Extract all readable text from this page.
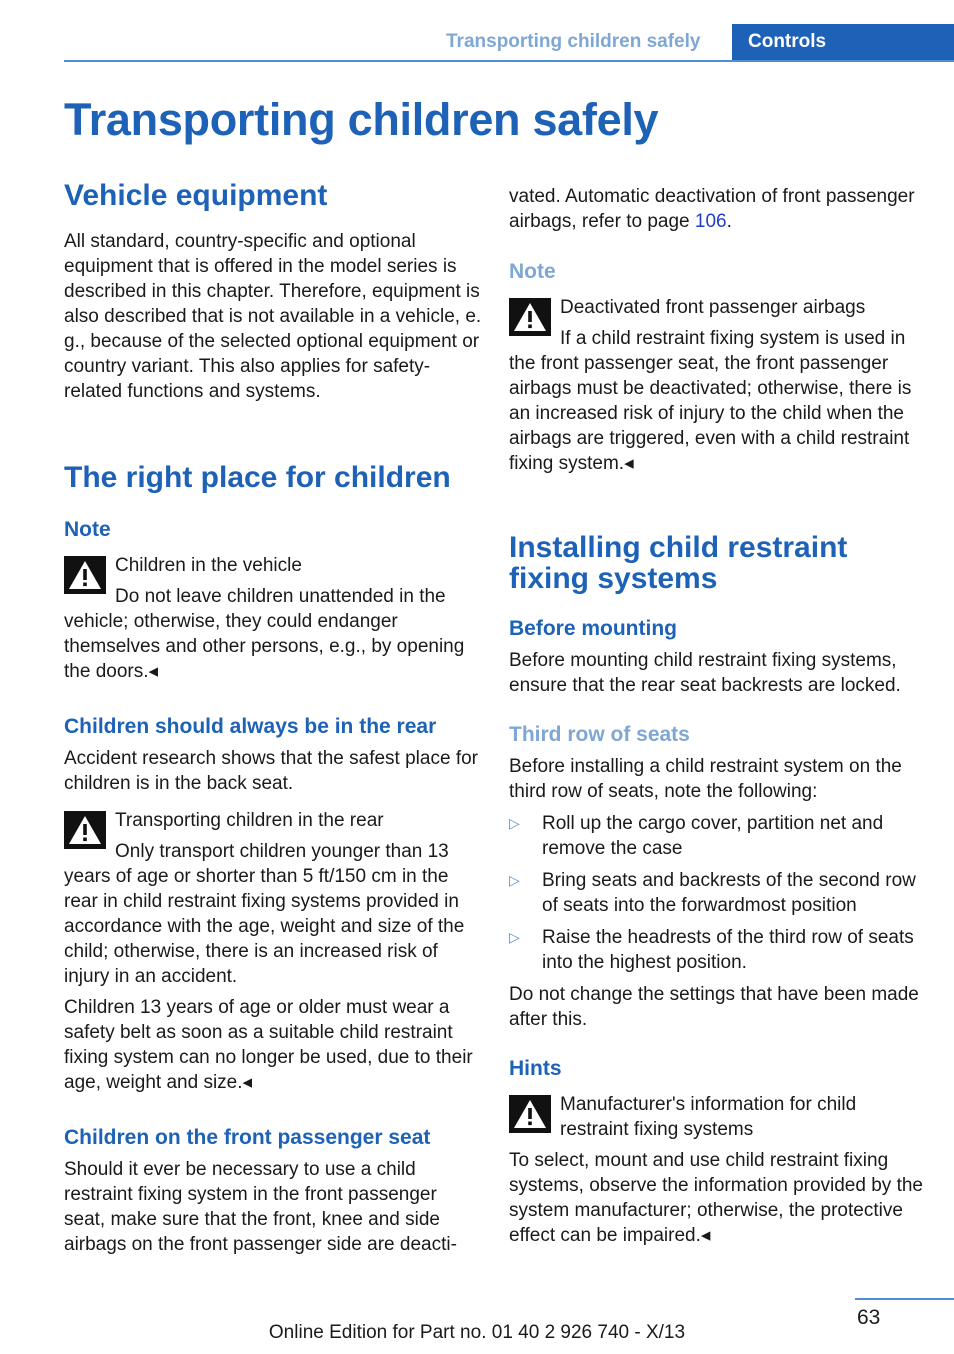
Transporting children safely	Controls
Transporting children safely
Vehicle equipment

All standard, country-specific and optional equipment that is offered in the model series is described in this chapter. Therefore, equipment is also described that is not available in a vehicle, e. g., because of the selected optional equipment or country variant. This also applies for safety-related functions and systems.

The right place for children
Note

Children in the vehicle

Do not leave children unattended in the vehicle; otherwise, they could endanger themselves and other persons, e.g., by opening the doors.◂

Children should always be in the rear

Accident research shows that the safest place for children is in the back seat.

Transporting children in the rear

Only transport children younger than 13 years of age or shorter than 5 ft/150 cm in the rear in child restraint fixing systems provided in accordance with the age, weight and size of the child; otherwise, there is an increased risk of injury in an accident.

Children 13 years of age or older must wear a safety belt as soon as a suitable child restraint fixing system can no longer be used, due to their age, weight and size.◂

Children on the front passenger seat

Should it ever be necessary to use a child restraint fixing system in the front passenger seat, make sure that the front, knee and side airbags on the front passenger side are deacti-

vated. Automatic deactivation of front passenger airbags, refer to page 106.

Note

Deactivated front passenger airbags

If a child restraint fixing system is used in the front passenger seat, the front passenger airbags must be deactivated; otherwise, there is an increased risk of injury to the child when the airbags are triggered, even with a child restraint fixing system.◂

Installing child restraint fixing systems
Before mounting

Before mounting child restraint fixing systems, ensure that the rear seat backrests are locked.

Third row of seats

Before installing a child restraint system on the third row of seats, note the following:

▷ Roll up the cargo cover, partition net and remove the case
▷ Bring seats and backrests of the second row of seats into the forwardmost position
▷ Raise the headrests of the third row of seats into the highest position.

Do not change the settings that have been made after this.

Hints

Manufacturer's information for child restraint fixing systems

To select, mount and use child restraint fixing systems, observe the information provided by the system manufacturer; otherwise, the protective effect can be impaired.◂

63
Online Edition for Part no. 01 40 2 926 740 - X/13
